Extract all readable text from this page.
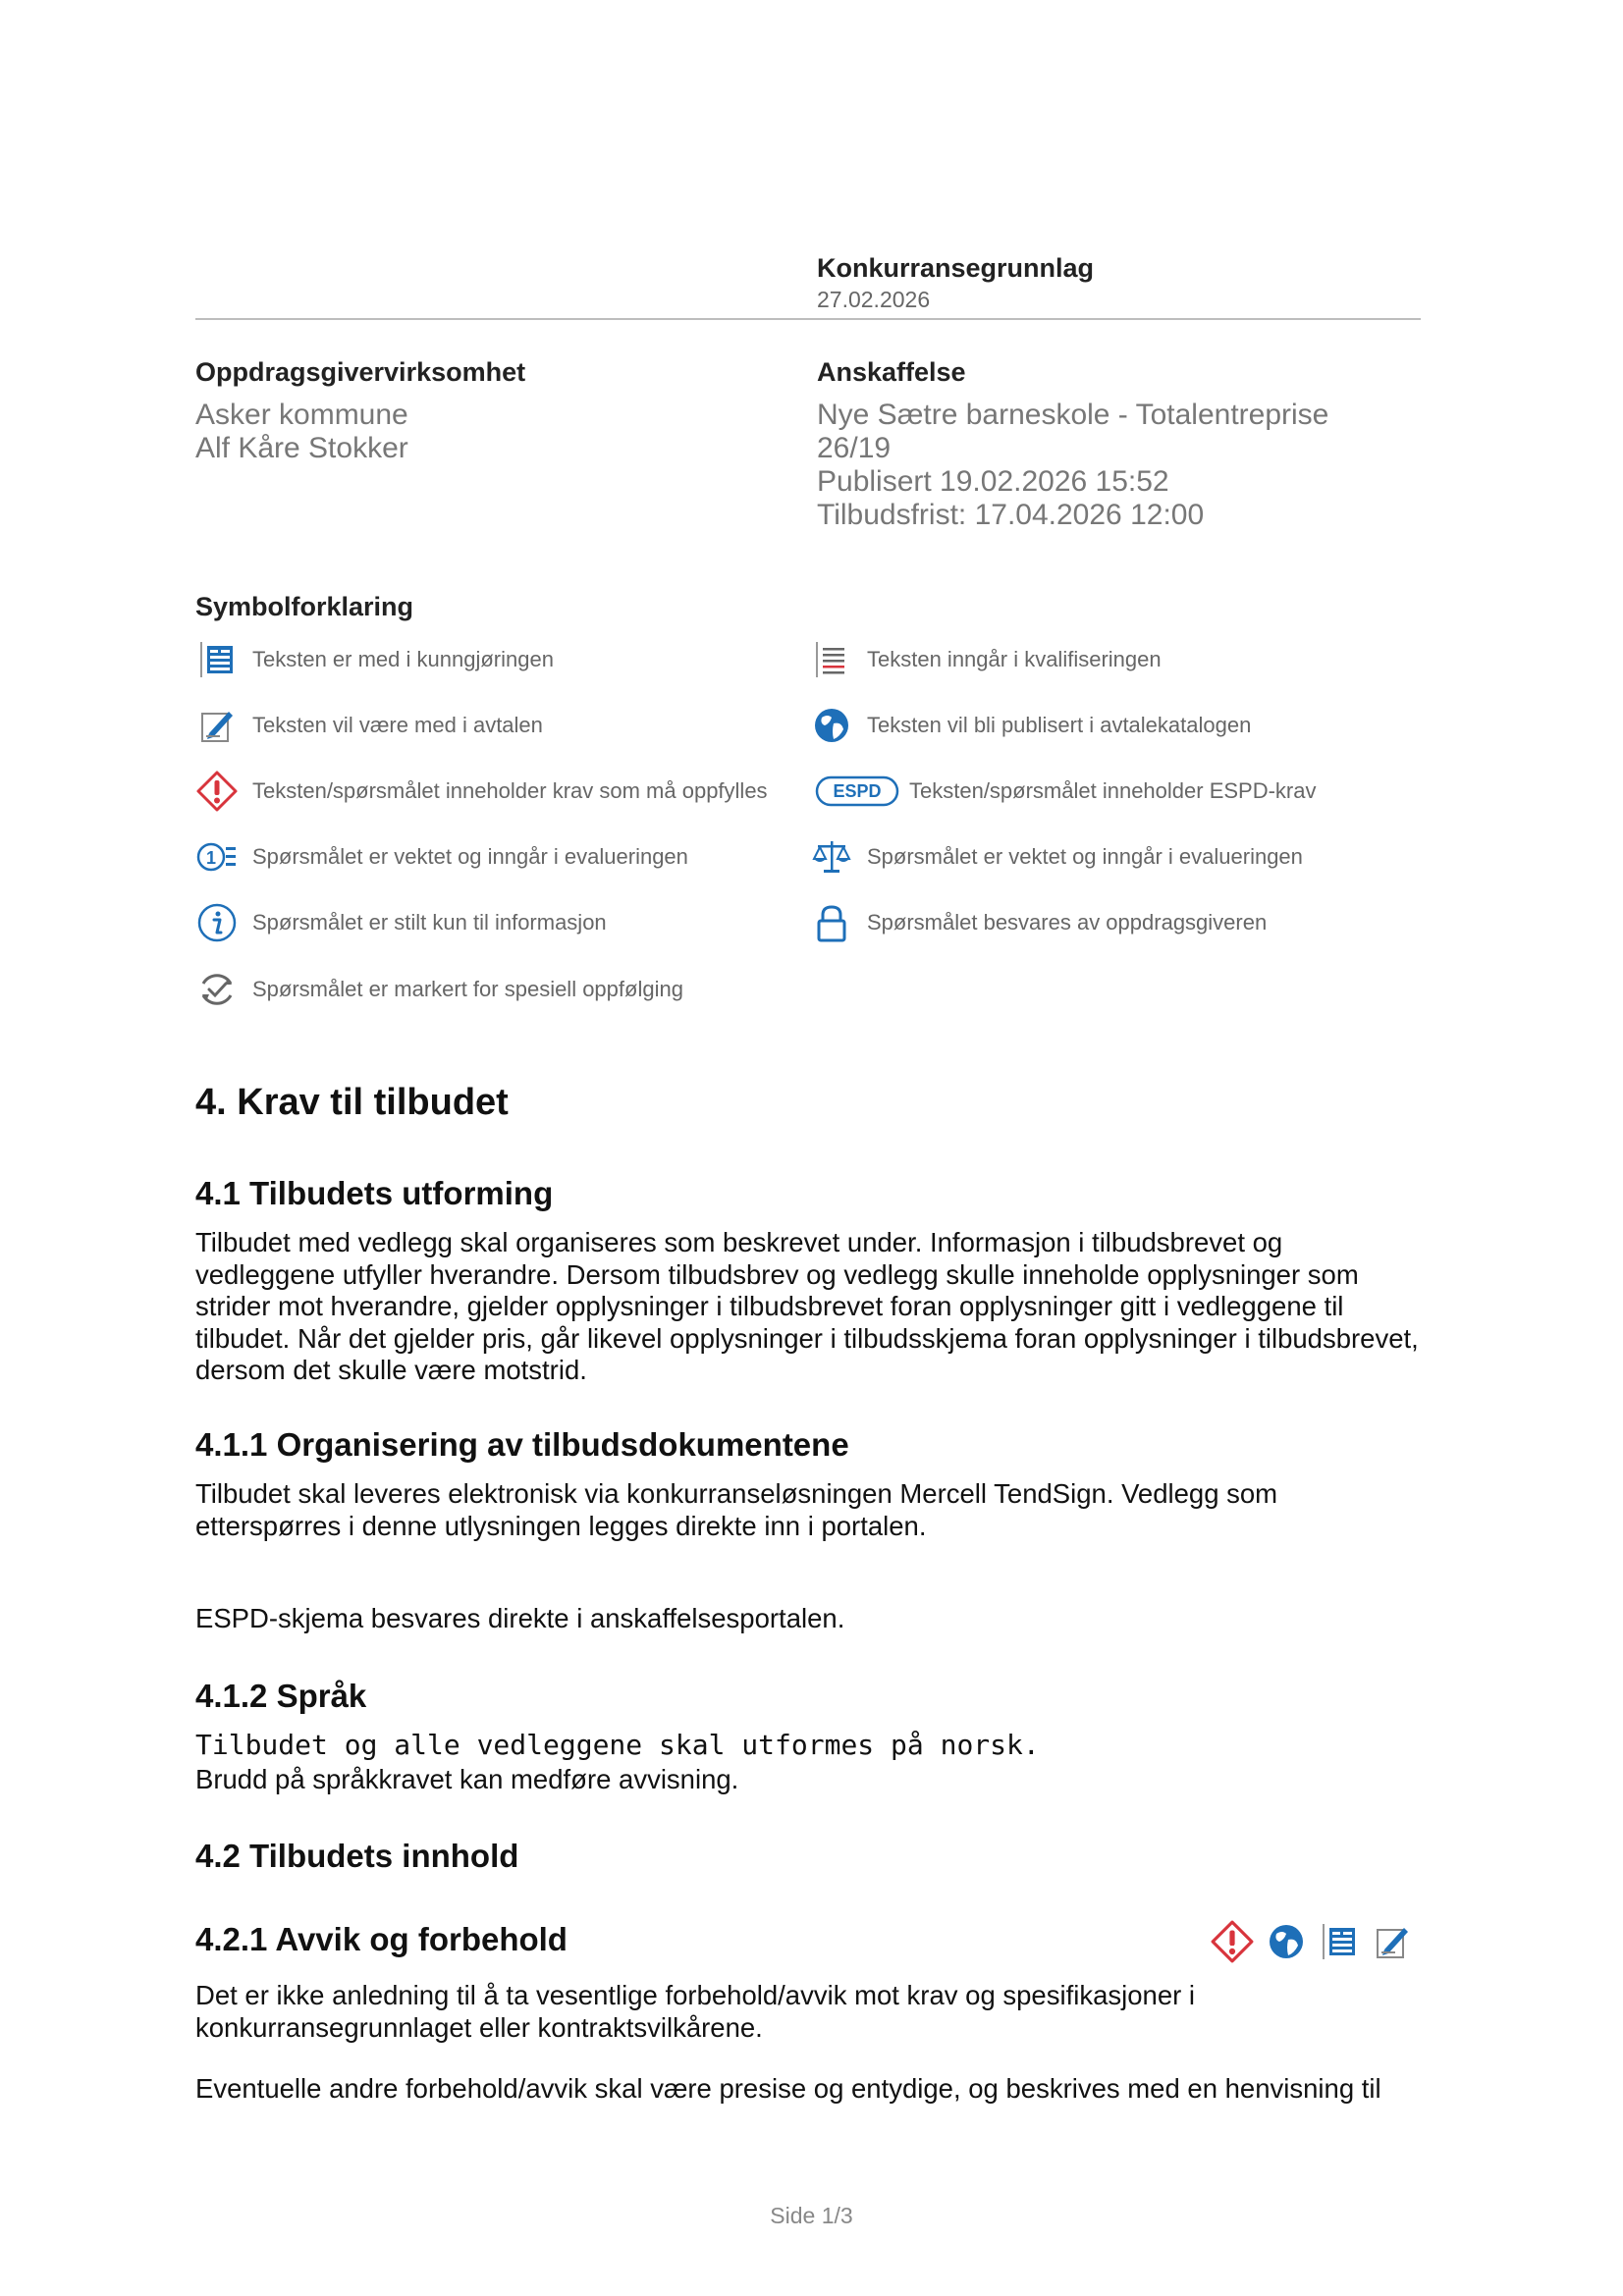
Konkurransegrunnlag
27.02.2026
Oppdragsgivervirksomhet
Asker kommune
Alf Kåre Stokker
Anskaffelse
Nye Sætre barneskole - Totalentreprise
26/19
Publisert 19.02.2026 15:52
Tilbudsfrist: 17.04.2026 12:00
Symbolforklaring
Teksten er med i kunngjøringen	Teksten inngår i kvalifiseringen
Teksten vil være med i avtalen	Teksten vil bli publisert i avtalekatalogen
Teksten/spørsmålet inneholder krav som må oppfylles	ESPD Teksten/spørsmålet inneholder ESPD-krav
1 Spørsmålet er vektet og inngår i evalueringen	Spørsmålet er vektet og inngår i evalueringen
Spørsmålet er stilt kun til informasjon	Spørsmålet besvares av oppdragsgiveren
Spørsmålet er markert for spesiell oppfølging
4. Krav til tilbudet
4.1 Tilbudets utforming

Tilbudet med vedlegg skal organiseres som beskrevet under. Informasjon i tilbudsbrevet og vedleggene utfyller hverandre. Dersom tilbudsbrev og vedlegg skulle inneholde opplysninger som strider mot hverandre, gjelder opplysninger i tilbudsbrevet foran opplysninger gitt i vedleggene til tilbudet. Når det gjelder pris, går likevel opplysninger i tilbudsskjema foran opplysninger i tilbudsbrevet, dersom det skulle være motstrid.

4.1.1 Organisering av tilbudsdokumentene

Tilbudet skal leveres elektronisk via konkurranseløsningen Mercell TendSign. Vedlegg som etterspørres i denne utlysningen legges direkte inn i portalen.

ESPD-skjema besvares direkte i anskaffelsesportalen.

4.1.2 Språk

Tilbudet og alle vedleggene skal utformes på norsk.

Brudd på språkkravet kan medføre avvisning.

4.2 Tilbudets innhold
4.2.1 Avvik og forbehold

Det er ikke anledning til å ta vesentlige forbehold/avvik mot krav og spesifikasjoner i konkurransegrunnlaget eller kontraktsvilkårene.

Eventuelle andre forbehold/avvik skal være presise og entydige, og beskrives med en henvisning til

Side 1/3
